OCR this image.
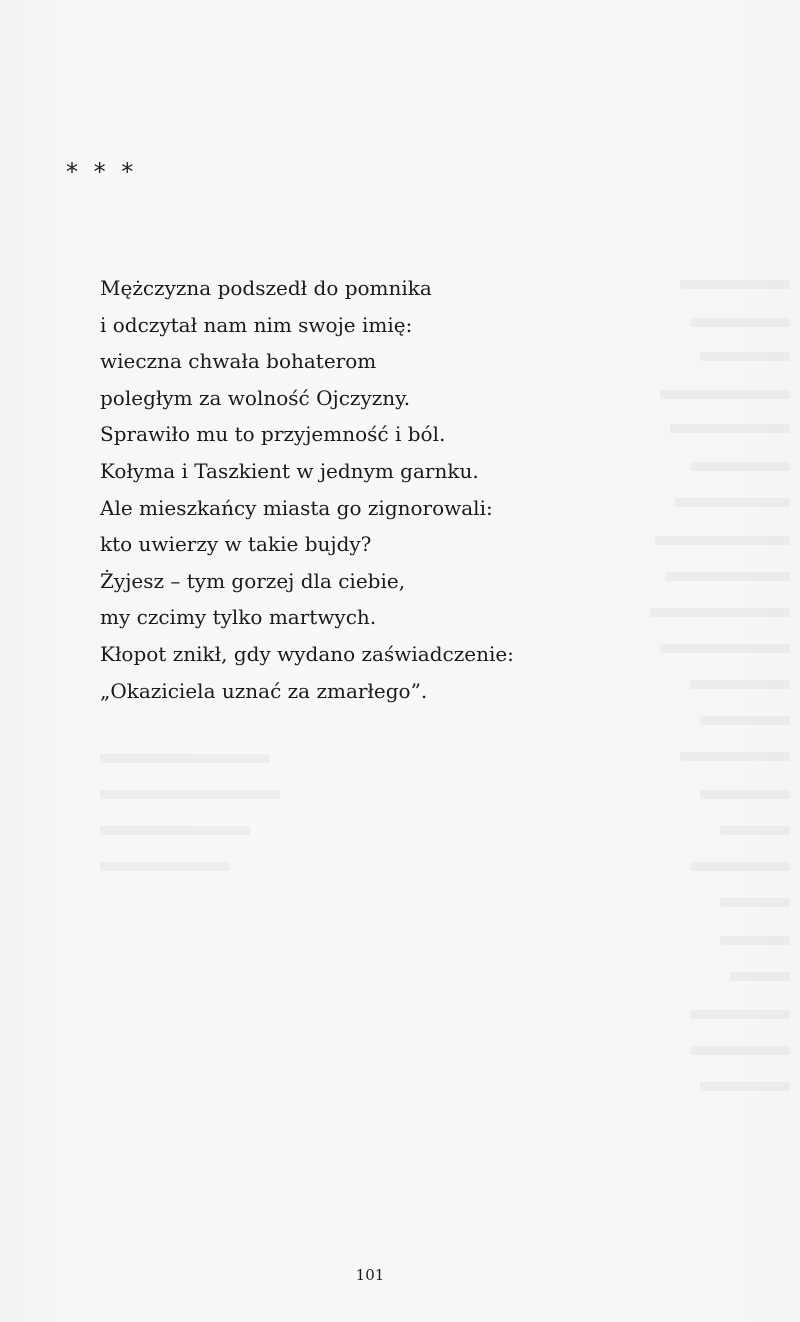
* * *
Mężczyzna podszedł do pomnika
i odczytał nam nim swoje imię:
wieczna chwała bohaterom
poległym za wolność Ojczyzny.
Sprawiło mu to przyjemność i ból.
Kołyma i Taszkient w jednym garnku.
Ale mieszkańcy miasta go zignorowali:
kto uwierzy w takie bujdy?
Żyjesz – tym gorzej dla ciebie,
my czcimy tylko martwych.
Kłopot znikł, gdy wydano zaświadczenie:
„Okaziciela uznać za zmarłego”.
101
